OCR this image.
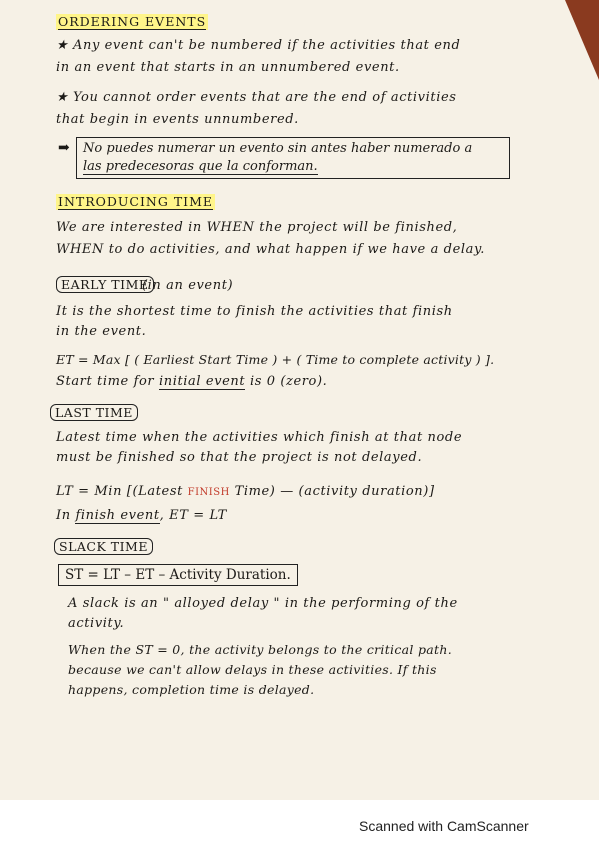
ORDERING EVENTS
★ Any event can't be numbered if the activities that end
in an event that starts in an unnumbered event.
★ You cannot order events that are the end of activities
that begin in events unnumbered.
➡ No puedes numerar un evento sin antes haber numerado a
las predecesoras que la conforman.
INTRODUCING TIME
We are interested in WHEN the project will be finished,
WHEN to do activities, and what happen if we have a delay.
EARLY TIME
(in an event)
It is the shortest time to finish the activities that finish
in the event.
ET = Max [ ( Earliest Start Time ) + ( Time to complete activity ) ].
Start time for initial event is 0 (zero).
LAST TIME
Latest time when the activities which finish at that node
must be finished so that the project is not delayed.
LT = Min [(Latest FINISH Time) — (activity duration)]
In finish event, ET = LT
SLACK TIME
ST = LT – ET – Activity Duration.
A slack is an " alloyed delay " in the performing of the
activity.
When the ST = 0, the activity belongs to the critical path.
because we can't allow delays in these activities. If this
happens, completion time is delayed.
Scanned with CamScanner
